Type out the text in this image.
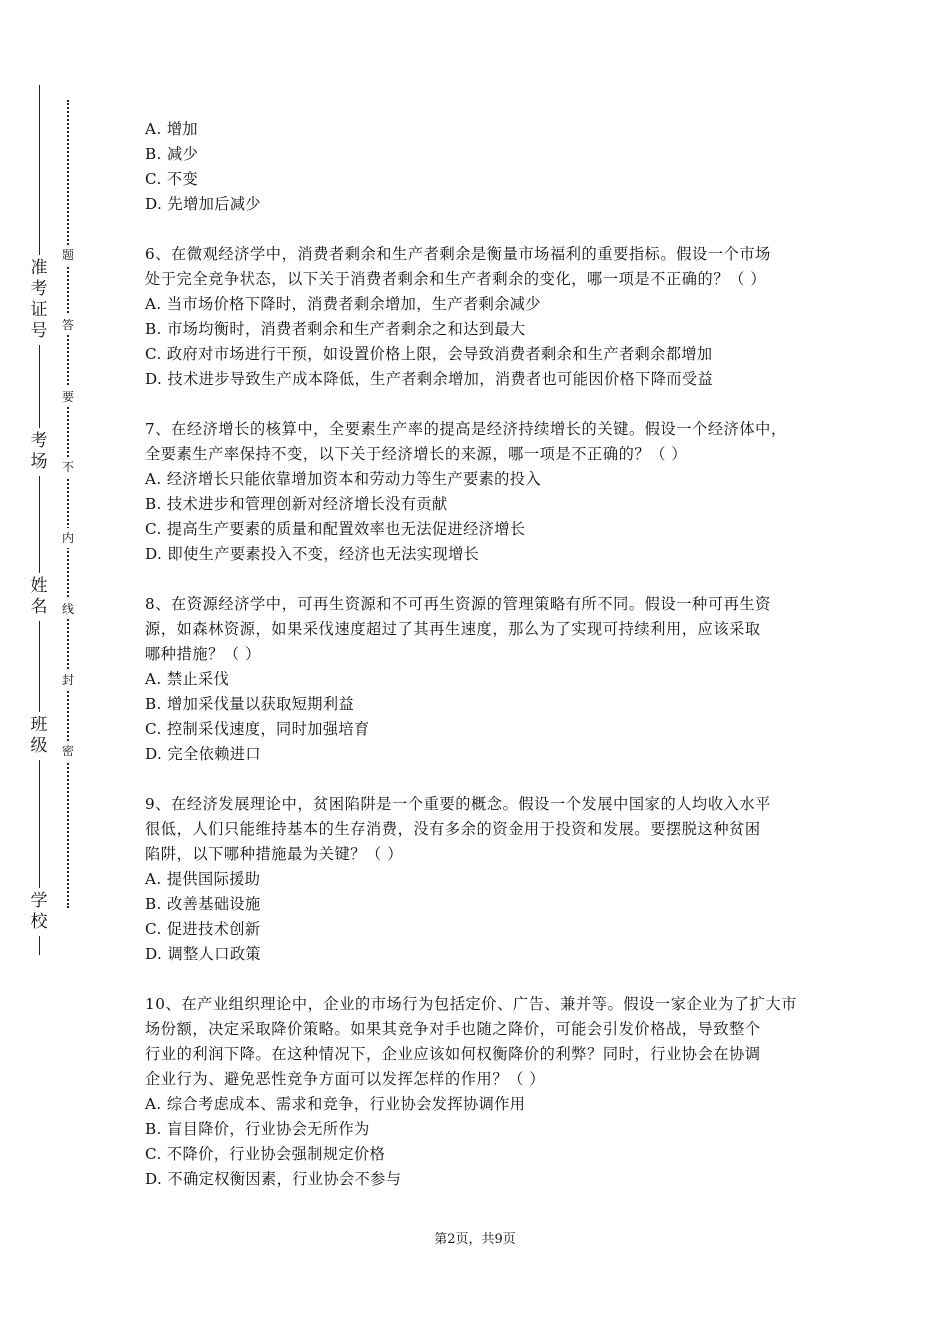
准考证号
考场
姓名
班级
学校
题
答
要
不
内
线
封
密

A. 增加

B. 减少

C. 不变

D. 先增加后减少

6、在微观经济学中，消费者剩余和生产者剩余是衡量市场福利的重要指标。假设一个市场

处于完全竞争状态，以下关于消费者剩余和生产者剩余的变化，哪一项是不正确的？（ ）

A. 当市场价格下降时，消费者剩余增加，生产者剩余减少

B. 市场均衡时，消费者剩余和生产者剩余之和达到最大

C. 政府对市场进行干预，如设置价格上限，会导致消费者剩余和生产者剩余都增加

D. 技术进步导致生产成本降低，生产者剩余增加，消费者也可能因价格下降而受益

7、在经济增长的核算中，全要素生产率的提高是经济持续增长的关键。假设一个经济体中，

全要素生产率保持不变，以下关于经济增长的来源，哪一项是不正确的？（ ）

A. 经济增长只能依靠增加资本和劳动力等生产要素的投入

B. 技术进步和管理创新对经济增长没有贡献

C. 提高生产要素的质量和配置效率也无法促进经济增长

D. 即使生产要素投入不变，经济也无法实现增长

8、在资源经济学中，可再生资源和不可再生资源的管理策略有所不同。假设一种可再生资

源，如森林资源，如果采伐速度超过了其再生速度，那么为了实现可持续利用，应该采取

哪种措施？（ ）

A. 禁止采伐

B. 增加采伐量以获取短期利益

C. 控制采伐速度，同时加强培育

D. 完全依赖进口

9、在经济发展理论中，贫困陷阱是一个重要的概念。假设一个发展中国家的人均收入水平

很低，人们只能维持基本的生存消费，没有多余的资金用于投资和发展。要摆脱这种贫困

陷阱，以下哪种措施最为关键？（ ）

A. 提供国际援助

B. 改善基础设施

C. 促进技术创新

D. 调整人口政策

10、在产业组织理论中，企业的市场行为包括定价、广告、兼并等。假设一家企业为了扩大市

场份额，决定采取降价策略。如果其竞争对手也随之降价，可能会引发价格战，导致整个

行业的利润下降。在这种情况下，企业应该如何权衡降价的利弊？同时，行业协会在协调

企业行为、避免恶性竞争方面可以发挥怎样的作用？（ ）

A. 综合考虑成本、需求和竞争，行业协会发挥协调作用

B. 盲目降价，行业协会无所作为

C. 不降价，行业协会强制规定价格

D. 不确定权衡因素，行业协会不参与

第2页，共9页
